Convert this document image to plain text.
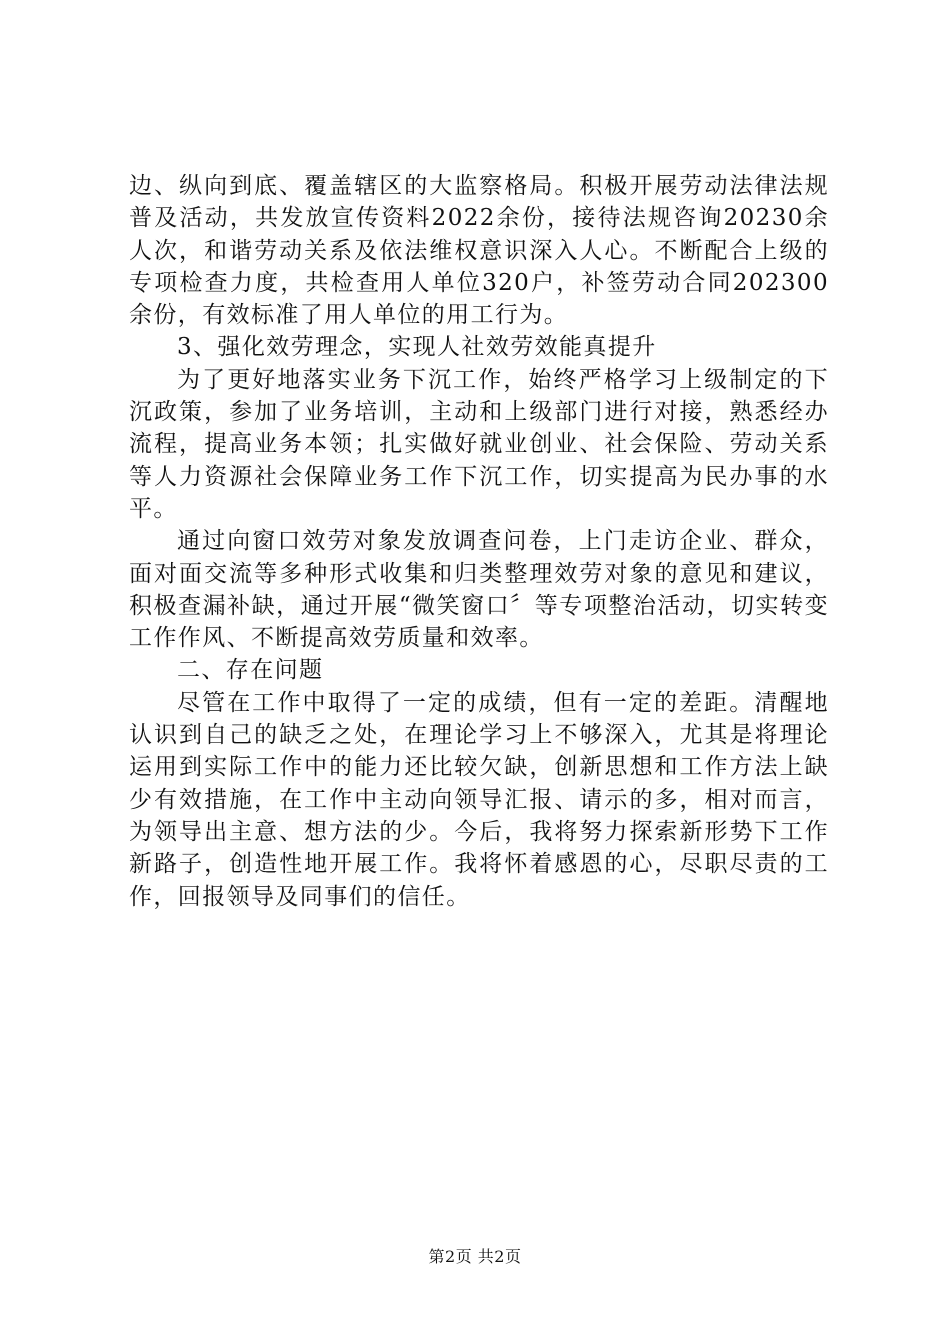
边、纵向到底、覆盖辖区的大监察格局。积极开展劳动法律法规普及活动，共发放宣传资料2022余份，接待法规咨询20230余人次，和谐劳动关系及依法维权意识深入人心。不断配合上级的专项检查力度，共检查用人单位320户，补签劳动合同202300余份，有效标准了用人单位的用工行为。

3、强化效劳理念，实现人社效劳效能真提升

为了更好地落实业务下沉工作，始终严格学习上级制定的下沉政策，参加了业务培训，主动和上级部门进行对接，熟悉经办流程，提高业务本领；扎实做好就业创业、社会保险、劳动关系等人力资源社会保障业务工作下沉工作，切实提高为民办事的水平。

通过向窗口效劳对象发放调查问卷，上门走访企业、群众，面对面交流等多种形式收集和归类整理效劳对象的意见和建议，积极查漏补缺，通过开展“微笑窗口〞等专项整治活动，切实转变工作作风、不断提高效劳质量和效率。

二、存在问题

尽管在工作中取得了一定的成绩，但有一定的差距。清醒地认识到自己的缺乏之处，在理论学习上不够深入，尤其是将理论运用到实际工作中的能力还比较欠缺，创新思想和工作方法上缺少有效措施，在工作中主动向领导汇报、请示的多，相对而言，为领导出主意、想方法的少。今后，我将努力探索新形势下工作新路子，创造性地开展工作。我将怀着感恩的心，尽职尽责的工作，回报领导及同事们的信任。

第2页 共2页
